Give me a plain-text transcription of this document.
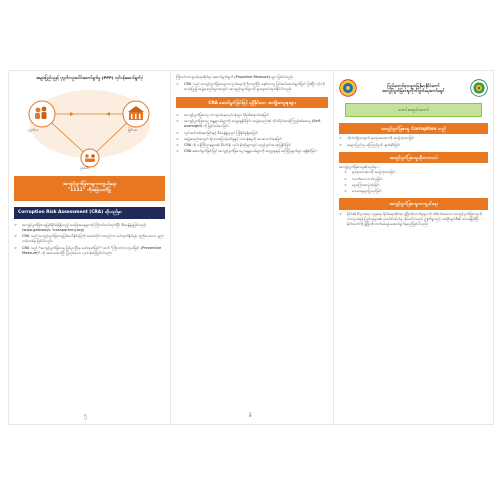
အများပြည်သူနှင့် ပုဂ္ဂလိကပူးပေါင်းဆောင်ရွက်မှု (PPP) လုပ်ငန်းဆောင်ရွက်ပုံ
ပုဂ္ဂလိက	မြင်သာ
ပူးပေါင်း
အကျင့်ပျက်ခြစားမှုကာကွယ်ရေး
"1111" ကိုအမြဲသတိပြု
Corruption Risk Assessment (CRA) ဆိုသည်မှာ
➢	အကျင့်ပျက်ခြစားမှုဖြစ်နိုင်ခြေရှိသည့် အခြေအနေများကို ကြိုတင်ဖော်ထုတ်ပြီး စီမံခန့်ခွဲမှုဖြစ်သည်။ (www.gateways. transparency.org)
➢	CRA သည် အကျင့်ပျက်ခြစားမှုဖြစ်ပေါ်နိုင်ခြေကို အစောပိုင်းကတည်းက ဖော်ထုတ်နိုင်ရန် ကူညီပေးသော နည်းလမ်းတစ်ခု ဖြစ်ပါသည်။
➢	CRA သည် "အကျင့်ပျက်ခြစားမှု ဖြစ်ပွားပြီးမှ ဖော်ထုတ်ခြင်း" ထက် "ကြိုတင်ကာကွယ်ခြင်း (Preventive Measure)" ကို အလေးထားပြီး ပြုလုပ်သော လုပ်ငန်းစဉ်ဖြစ်ပါသည်။
၅
ကြိုတင်ကာကွယ်ရေးဆိုင်ရာ ဆောင်ရွက်ချက် (Proactive Measure) များ ဖြစ်ပါသည်။
➢	CRA သည် အကျင့်ပျက်ခြစားမှုကာကွယ်ရေးကို ဦးတည်ပြီး စနစ်တကျ ပြင်ဆင်ဆောင်ရွက်ခြင်း ဖြစ်ပြီး ၎င်းကို အသုံးပြု၍ အဖွဲ့အစည်းများအတွင်း အားနည်းချက်များကို ရှာဖွေဖော်ထုတ်နိုင်ပါသည်။
CRA ဆောင်ရွက်ခြင်းဖြင့် ရရှိနိုင်သော အကျိုးကျေးဇူးများ
➢	အကျင့်ပျက်ခြစားမှု ကာကွယ်ရေးလုပ်ငန်းများ ပိုမိုထိရောက်စေခြင်း
➢	အကျင့်ပျက်ခြစားမှု အန္တရာယ်များကို လျှော့ချနိုင်ခြင်း၊ အဖွဲ့အစည်း၏ ကိုယ်ပိုင်စောင့်ကြည့်စစ်ဆေးမှု (Self-oversight) ကို မြှင့်တင်ပေးခြင်း
➢	ကွင်းဆင်းစစ်ဆေးခြင်းနှင့် စီမံခန့်ခွဲမှုတွင် ကြံ့ခိုင်မှုရှိစေခြင်း
➢	အဖွဲ့အစည်းအတွင်း ရိုးသားဖြောင့်မတ်မှုနှင့် တာဝန်ခံမှုကို အားကောင်းစေခြင်း
➢	CRA ကို ဝန်ကြီးဌာနများ၏ စီမံကိန်း လုပ်ငန်းစဉ်များတွင် ထည့်သွင်းအသုံးပြုနိုင်ခြင်း
➢	CRA ဆောင်ရွက်ခြင်းဖြင့် အကျင့်ပျက်ခြစားမှု အန္တရာယ်များကို လျှော့ချရန် အကြံပြုချက်များ ရရှိနိုင်ခြင်း
၆
ပြည်ထောင်စုသမ္မတမြန်မာနိုင်ငံတော်
အကျင့်ပျက်ခြစားမှုတိုက်ဖျက်ရေးကော်မရှင်
သတင်းအချက်အလက်
အကျင့်ပျက်ခြစားမှု Corruption သည်
➢	ကိုယ်ကျိုးအတွက် ရာထူးအာဏာကို အလွဲသုံးစားခြင်း
➢	အများပြည်သူ ယုံကြည်မှုကို ဖျက်ဆီးခြင်း
အကျင့်ပျက်ခြစားမှုဆိုတာဘာလဲ
အကျင့်ပျက်ခြစားမှုဆိုသည်မှာ -
➢	ရာထူးအာဏာကို အလွဲသုံးစားခြင်း
➢	လာဘ်ပေးလာဘ်ယူခြင်း
➢	ငွေကြေးအလွဲသုံးခြင်း
➢	မသမာမှုများပြုလုပ်ခြင်း
အကျင့်ပျက်ခြစားမှုကာကွယ်ရေး
➢	နိုင်ငံ၏ စီးပွားရေး၊ လူမှုရေး၊ နိုင်ငံရေးဆိုင်ရာ ဖွံ့ဖြိုးတိုးတက်မှုများကို ထိခိုက်စေသော အကျင့်ပျက်ခြစားမှုကို ကာကွယ်ရန် ပြည်သူများ၏ ပူးပေါင်းပါဝင်မှု လိုအပ်ပါသည်။ ဤကိစ္စသည် တစ်ဦးချင်းစီ၏ တာဝန်ဖြစ်ပြီး နိုင်ငံတော်ကို ဖွံ့ဖြိုးတိုးတက်စေရန် ဆောင်ရွက်ရမည်ဖြစ်ပါသည်။
